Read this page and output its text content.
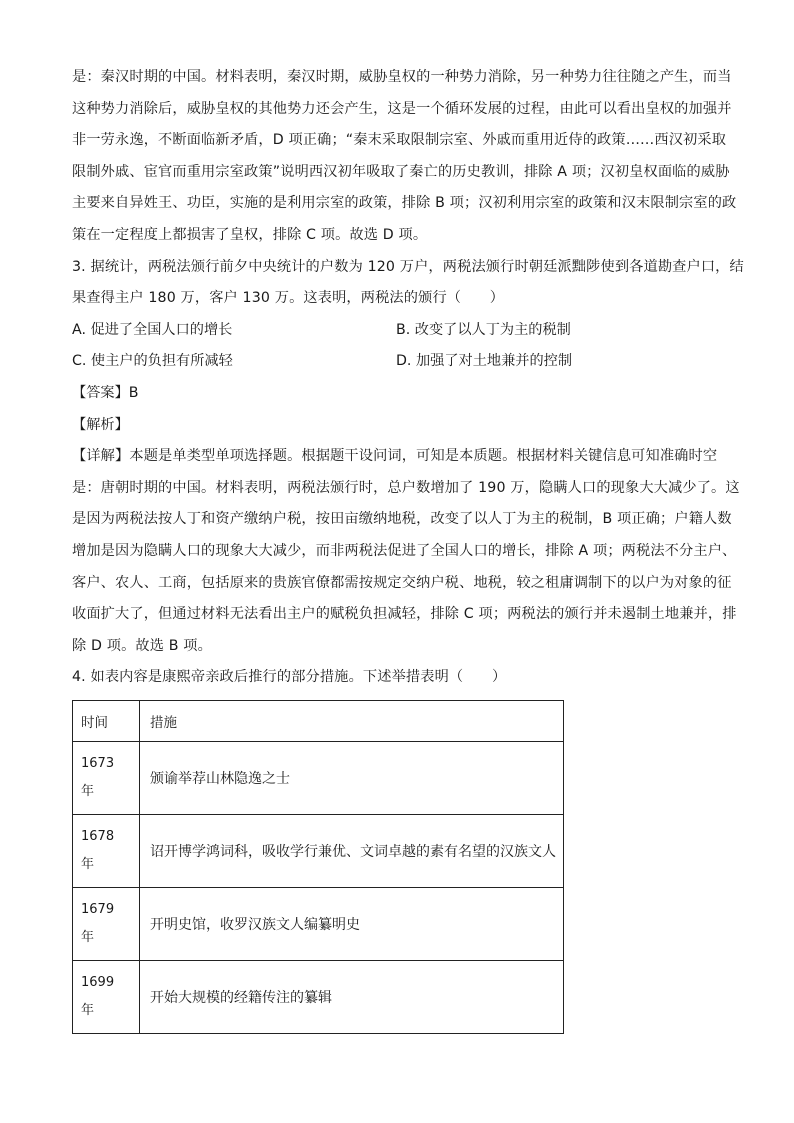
是：秦汉时期的中国。材料表明，秦汉时期，威胁皇权的一种势力消除，另一种势力往往随之产生，而当
这种势力消除后，威胁皇权的其他势力还会产生，这是一个循环发展的过程，由此可以看出皇权的加强并
非一劳永逸，不断面临新矛盾，D 项正确；“秦末采取限制宗室、外戚而重用近侍的政策……西汉初采取
限制外戚、宦官而重用宗室政策”说明西汉初年吸取了秦亡的历史教训，排除 A 项；汉初皇权面临的威胁
主要来自异姓王、功臣，实施的是利用宗室的政策，排除 B 项；汉初利用宗室的政策和汉末限制宗室的政
策在一定程度上都损害了皇权，排除 C 项。故选 D 项。
3. 据统计，两税法颁行前夕中央统计的户数为 120 万户，两税法颁行时朝廷派黜陟使到各道勘查户口，结
果查得主户 180 万，客户 130 万。这表明，两税法的颁行（　　）
A. 促进了全国人口的增长	B. 改变了以人丁为主的税制
C. 使主户的负担有所减轻	D. 加强了对土地兼并的控制
【答案】B
【解析】
【详解】本题是单类型单项选择题。根据题干设问词，可知是本质题。根据材料关键信息可知准确时空
是：唐朝时期的中国。材料表明，两税法颁行时，总户数增加了 190 万，隐瞒人口的现象大大减少了。这
是因为两税法按人丁和资产缴纳户税，按田亩缴纳地税，改变了以人丁为主的税制，B 项正确；户籍人数
增加是因为隐瞒人口的现象大大减少，而非两税法促进了全国人口的增长，排除 A 项；两税法不分主户、
客户、农人、工商，包括原来的贵族官僚都需按规定交纳户税、地税，较之租庸调制下的以户为对象的征
收面扩大了，但通过材料无法看出主户的赋税负担减轻，排除 C 项；两税法的颁行并未遏制土地兼并，排
除 D 项。故选 B 项。
4. 如表内容是康熙帝亲政后推行的部分措施。下述举措表明（　　）
时间	措施

1673
年	颁谕举荐山林隐逸之士

1678
年	诏开博学鸿词科，吸收学行兼优、文词卓越的素有名望的汉族文人

1679
年	开明史馆，收罗汉族文人编纂明史

1699
年	开始大规模的经籍传注的纂辑
